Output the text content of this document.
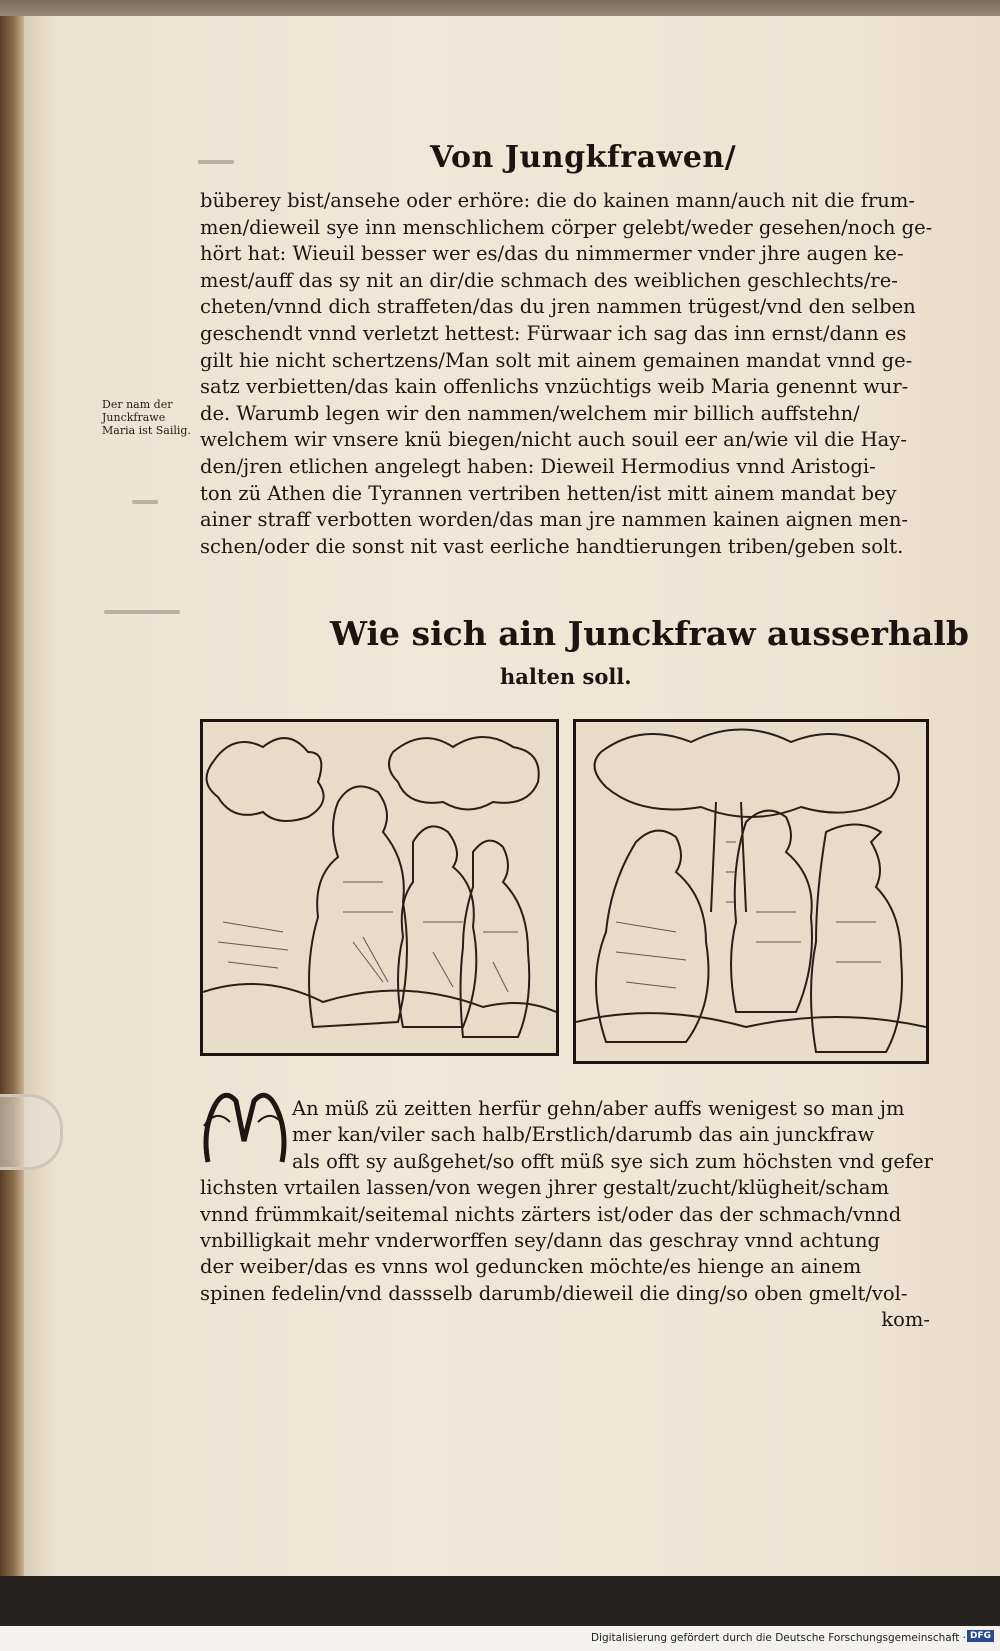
Von Jungkfrawen/
büberey bist/ansehe oder erhöre: die do kainen mann/auch nit die frum-
men/dieweil sye inn menschlichem cörper gelebt/weder gesehen/noch ge-
hört hat: Wieuil besser wer es/das du nimmermer vnder jhre augen ke-
mest/auff das sy nit an dir/die schmach des weiblichen geschlechts/re-
cheten/vnnd dich straffeten/das du jren nammen trügest/vnd den selben
geschendt vnnd verletzt hettest: Fürwaar ich sag das inn ernst/dann es
gilt hie nicht schertzens/Man solt mit ainem gemainen mandat vnnd ge-
satz verbietten/das kain offenlichs vnzüchtigs weib Maria genennt wur-
de. Warumb legen wir den nammen/welchem mir billich auffstehn/
welchem wir vnsere knü biegen/nicht auch souil eer an/wie vil die Hay-
den/jren etlichen angelegt haben: Dieweil Hermodius vnnd Aristogi-
ton zü Athen die Tyrannen vertriben hetten/ist mitt ainem mandat bey
ainer straff verbotten worden/das man jre nammen kainen aignen men-
schen/oder die sonst nit vast eerliche handtierungen triben/geben solt.
Der nam der Junckfrawe Maria ist Sailig.
Wie sich ain Junckfraw ausserhalb
halten soll.
An müß zü zeitten herfür gehn/aber auffs wenigest so man jm
mer kan/viler sach halb/Erstlich/darumb das ain junckfraw
als offt sy außgehet/so offt müß sye sich zum höchsten vnd gefer
lichsten vrtailen lassen/von wegen jhrer gestalt/zucht/klügheit/scham
vnnd frümmkait/seitemal nichts zärters ist/oder das der schmach/vnnd
vnbilligkait mehr vnderworffen sey/dann das geschray vnnd achtung
der weiber/das es vnns wol geduncken möchte/es hienge an ainem
spinen fedelin/vnd dassselb darumb/dieweil die ding/so oben gmelt/vol-
kom-
Digitalisierung gefördert durch die Deutsche Forschungsgemeinschaft · DFG
